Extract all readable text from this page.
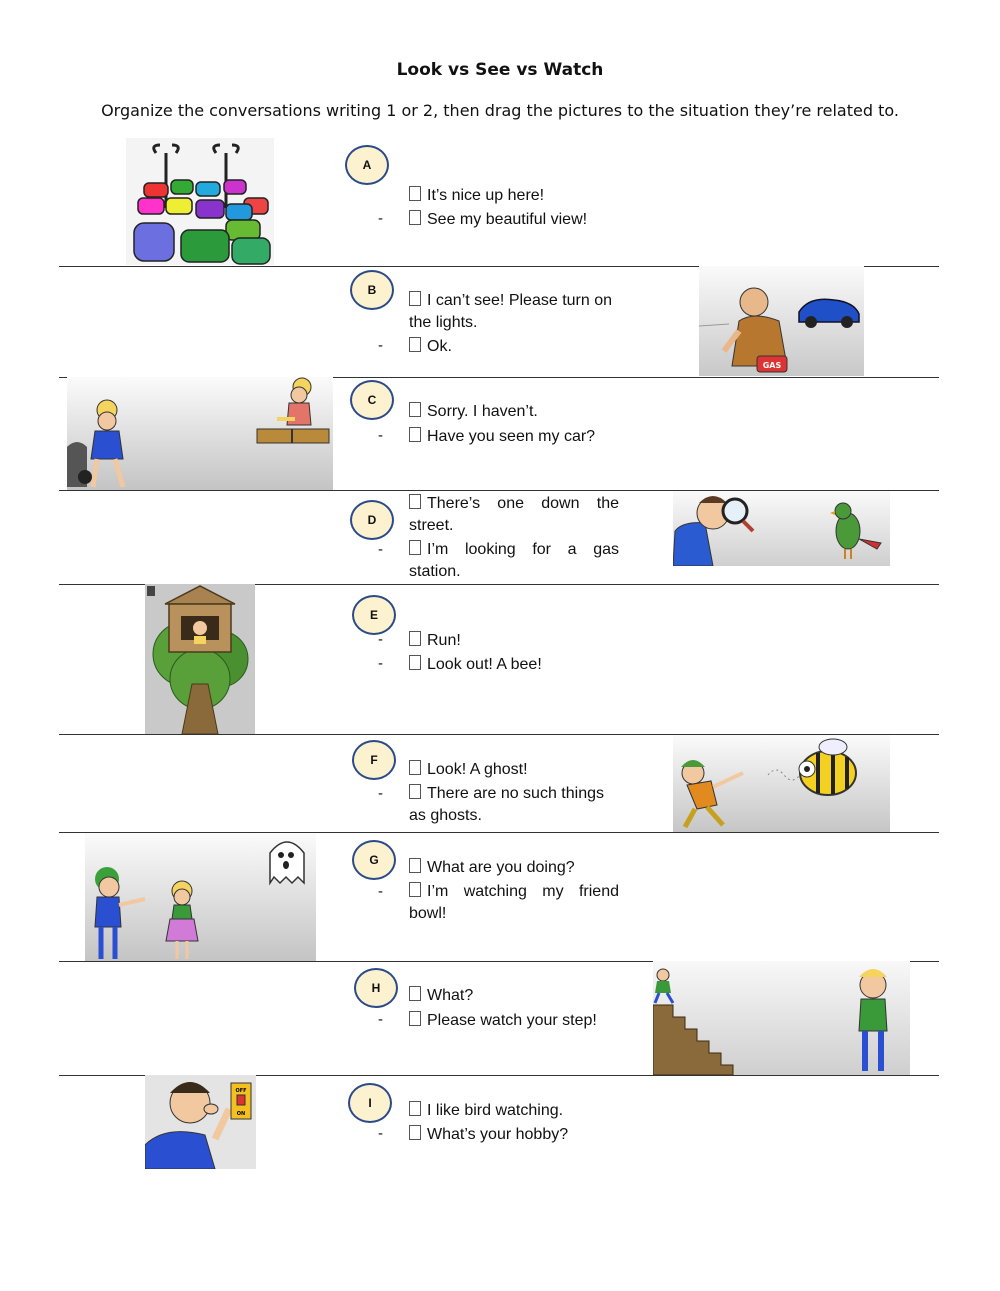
Look vs See vs Watch
Organize the conversations writing 1 or 2, then drag the pictures to the situation they’re related to.
A
It’s nice up here!
-	See my beautiful view!
B
I can’t see! Please turn on the lights.
-	Ok.
C
Sorry. I haven’t.
-	Have you seen my car?
D
There’s one down the street.
-	I’m looking for a gas station.
E
-	Run!
-	Look out! A bee!
F
Look! A ghost!
-	There are no such things as ghosts.
G	What are you doing?
-	I’m watching my friend bowl!
H	What?
-	Please watch your step!
I	I like bird watching.
-	What’s your hobby?
GAS
OFF
ON
